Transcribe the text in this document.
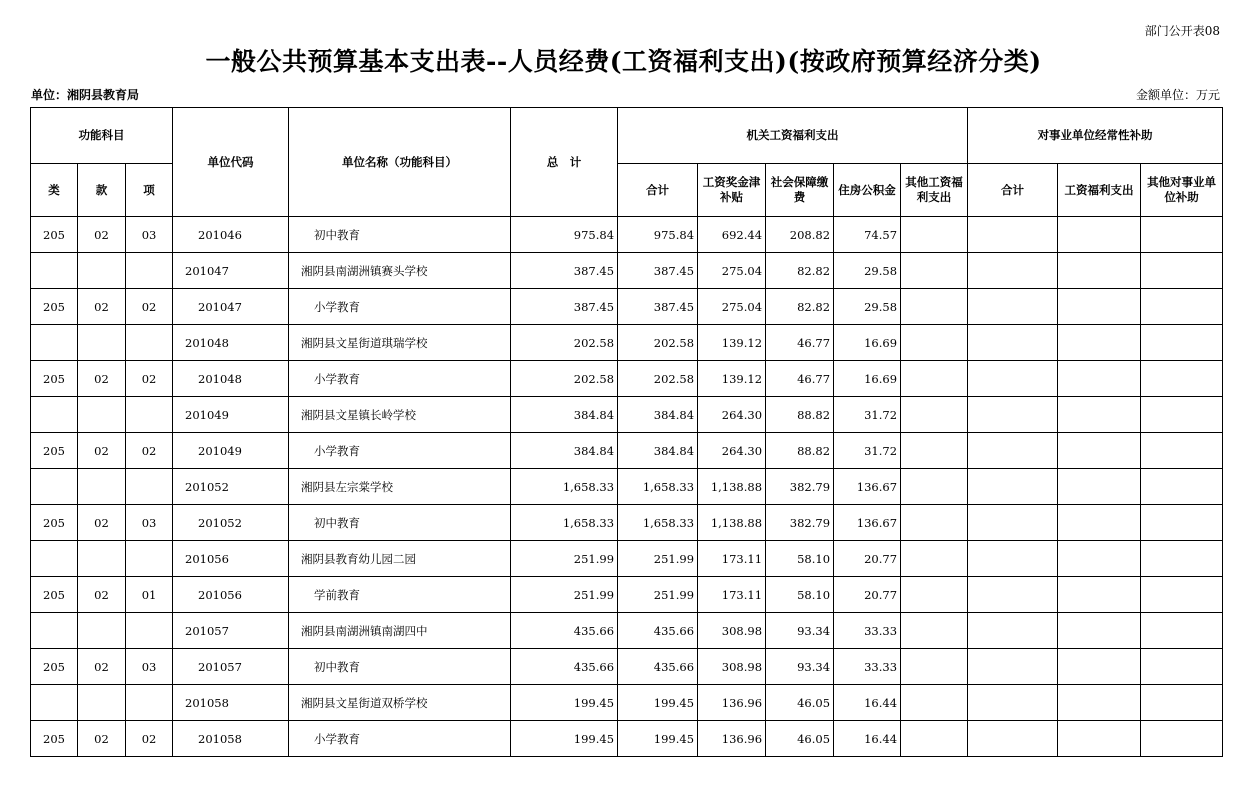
部门公开表08
一般公共预算基本支出表--人员经费(工资福利支出)(按政府预算经济分类)
单位：湘阴县教育局	金额单位：万元
功能科目			单位代码	单位名称（功能科目）	总　计	机关工资福利支出					对事业单位经常性补助		
类	款	项				合计	工资奖金津补贴	社会保障缴费	住房公积金	其他工资福利支出	合计	工资福利支出	其他对事业单位补助
205	02	03	201046	初中教育	975.84	975.84	692.44	208.82	74.57				
			201047	湘阴县南湖洲镇赛头学校	387.45	387.45	275.04	82.82	29.58				
205	02	02	201047	小学教育	387.45	387.45	275.04	82.82	29.58				
			201048	湘阴县文星街道琪瑞学校	202.58	202.58	139.12	46.77	16.69				
205	02	02	201048	小学教育	202.58	202.58	139.12	46.77	16.69				
			201049	湘阴县文星镇长岭学校	384.84	384.84	264.30	88.82	31.72				
205	02	02	201049	小学教育	384.84	384.84	264.30	88.82	31.72				
			201052	湘阴县左宗棠学校	1,658.33	1,658.33	1,138.88	382.79	136.67				
205	02	03	201052	初中教育	1,658.33	1,658.33	1,138.88	382.79	136.67				
			201056	湘阴县教育幼儿园二园	251.99	251.99	173.11	58.10	20.77				
205	02	01	201056	学前教育	251.99	251.99	173.11	58.10	20.77				
			201057	湘阴县南湖洲镇南湖四中	435.66	435.66	308.98	93.34	33.33				
205	02	03	201057	初中教育	435.66	435.66	308.98	93.34	33.33				
			201058	湘阴县文星街道双桥学校	199.45	199.45	136.96	46.05	16.44				
205	02	02	201058	小学教育	199.45	199.45	136.96	46.05	16.44				
